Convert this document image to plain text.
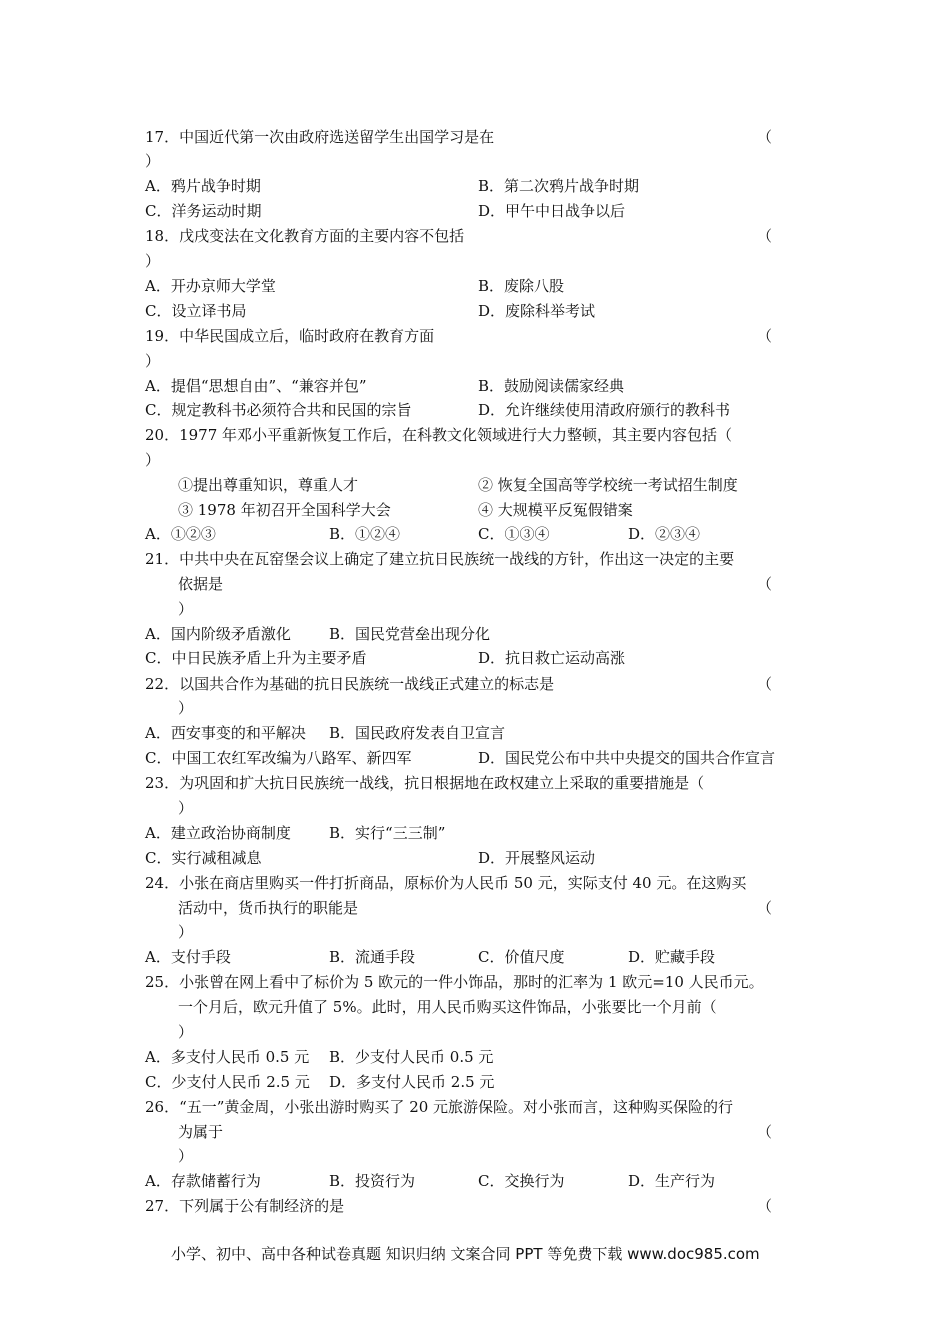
17．中国近代第一次由政府选送留学生出国学习是在	（
）
A．鸦片战争时期	B．第二次鸦片战争时期
C．洋务运动时期	D．甲午中日战争以后
18．戊戌变法在文化教育方面的主要内容不包括	（
）
A．开办京师大学堂	B．废除八股
C．设立译书局	D．废除科举考试
19．中华民国成立后，临时政府在教育方面	（
）
A．提倡“思想自由”、“兼容并包”	B．鼓励阅读儒家经典
C．规定教科书必须符合共和民国的宗旨	D．允许继续使用清政府颁行的教科书
20．1977 年邓小平重新恢复工作后，在科教文化领域进行大力整顿，其主要内容包括（
）
①提出尊重知识，尊重人才	② 恢复全国高等学校统一考试招生制度
③ 1978 年初召开全国科学大会	④ 大规模平反冤假错案
A．①②③	B．①②④	C．①③④	D．②③④
21．中共中央在瓦窑堡会议上确定了建立抗日民族统一战线的方针，作出这一决定的主要
依据是	（
）
A．国内阶级矛盾激化	B．国民党营垒出现分化
C．中日民族矛盾上升为主要矛盾	D．抗日救亡运动高涨
22．以国共合作为基础的抗日民族统一战线正式建立的标志是	（
）
A．西安事变的和平解决 B．国民政府发表自卫宣言
C．中国工农红军改编为八路军、新四军	D．国民党公布中共中央提交的国共合作宣言
23．为巩固和扩大抗日民族统一战线，抗日根据地在政权建立上采取的重要措施是（
）
A．建立政治协商制度	B．实行“三三制”
C．实行减租减息	D．开展整风运动
24．小张在商店里购买一件打折商品，原标价为人民币 50 元，实际支付 40 元。在这购买
活动中，货币执行的职能是	（
）
A．支付手段	B．流通手段	C．价值尺度	D．贮藏手段
25．小张曾在网上看中了标价为 5 欧元的一件小饰品，那时的汇率为 1 欧元=10 人民币元。
一个月后，欧元升值了 5%。此时，用人民币购买这件饰品，小张要比一个月前（
）
A．多支付人民币 0.5 元 B．少支付人民币 0.5 元
C．少支付人民币 2.5 元 D．多支付人民币 2.5 元
26．“五一”黄金周，小张出游时购买了 20 元旅游保险。对小张而言，这种购买保险的行
为属于	（
）
A．存款储蓄行为	B．投资行为	C．交换行为	D．生产行为
27．下列属于公有制经济的是	（
小学、初中、高中各种试卷真题 知识归纳 文案合同 PPT 等免费下载 www.doc985.com
